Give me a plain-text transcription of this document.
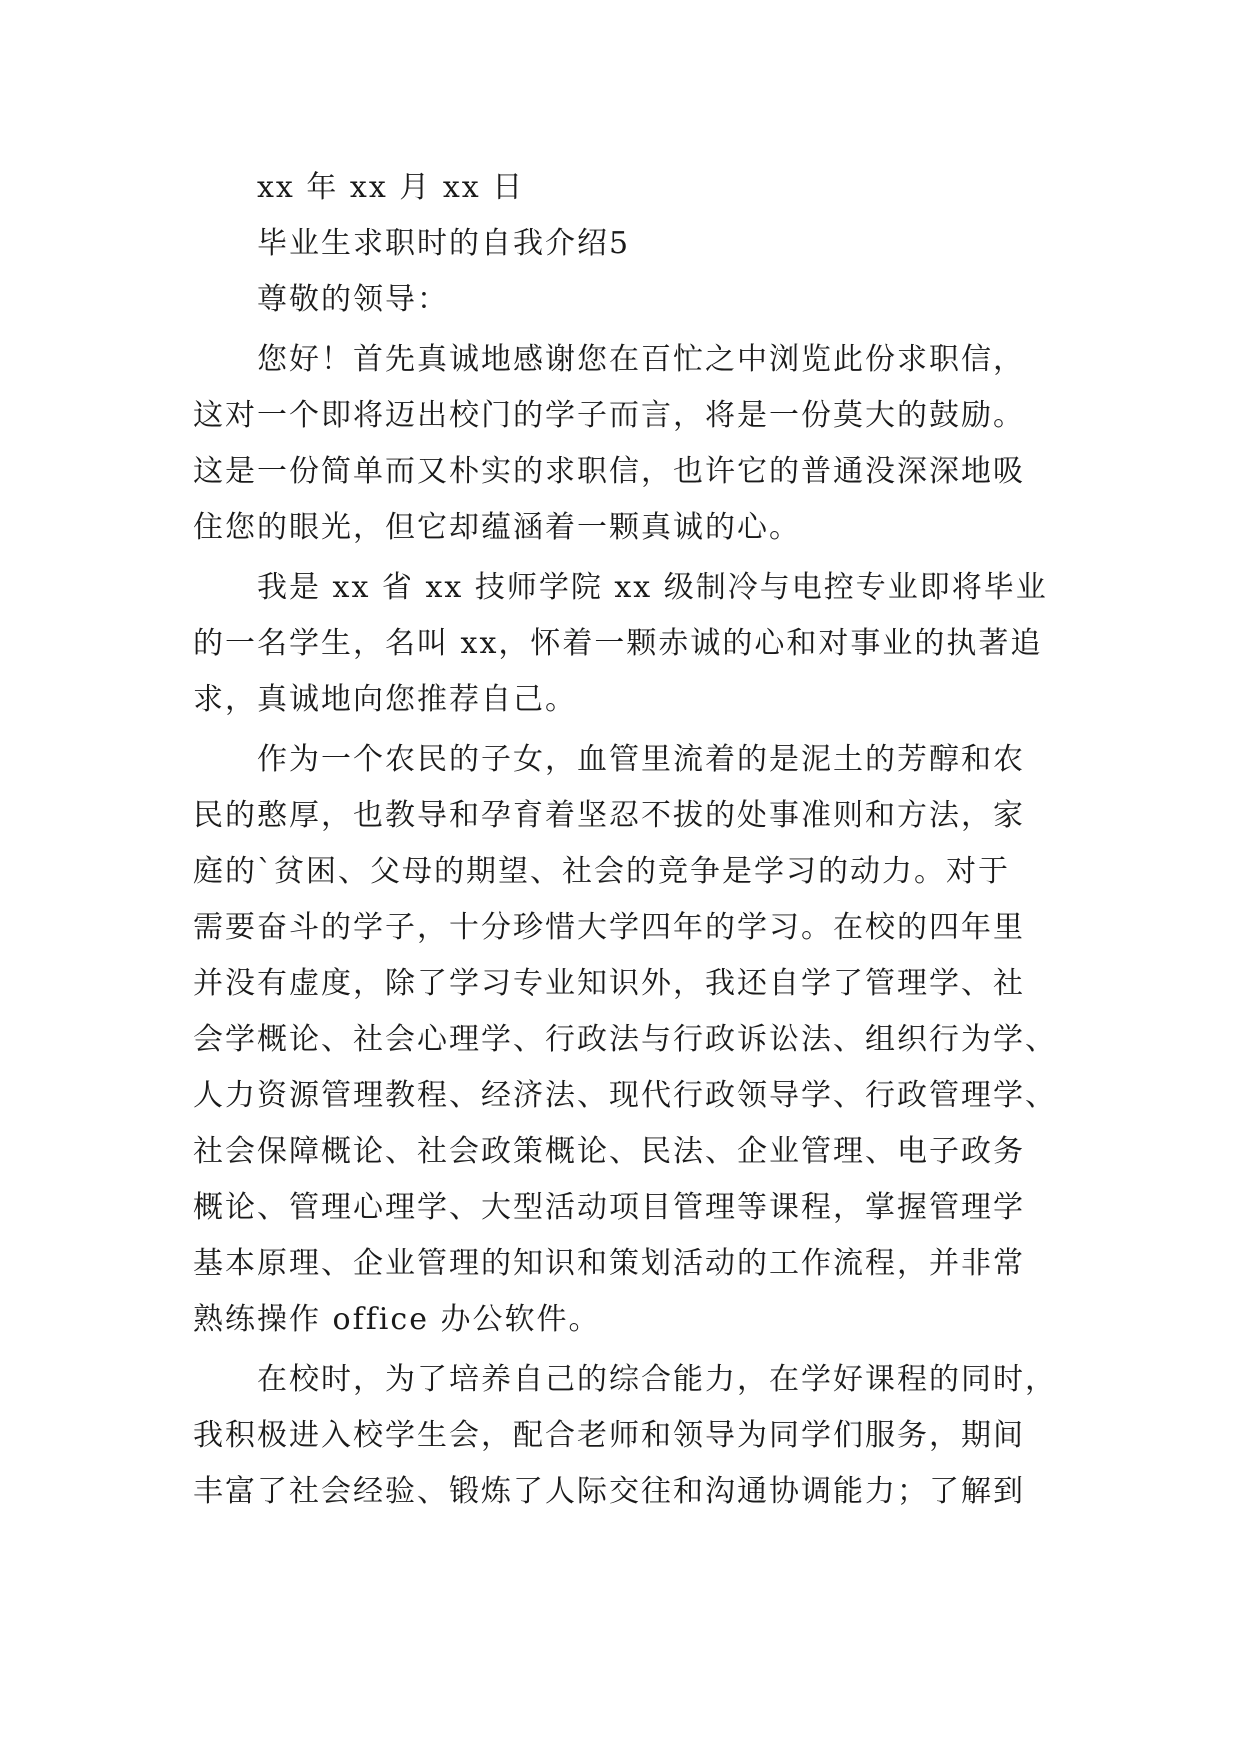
xx 年 xx 月 xx 日
毕业生求职时的自我介绍5
尊敬的领导：
您好！首先真诚地感谢您在百忙之中浏览此份求职信，
这对一个即将迈出校门的学子而言，将是一份莫大的鼓励。
这是一份简单而又朴实的求职信，也许它的普通没深深地吸
住您的眼光，但它却蕴涵着一颗真诚的心。
我是 xx 省 xx 技师学院 xx 级制冷与电控专业即将毕业
的一名学生，名叫 xx，怀着一颗赤诚的心和对事业的执著追
求，真诚地向您推荐自己。
作为一个农民的子女，血管里流着的是泥土的芳醇和农
民的憨厚，也教导和孕育着坚忍不拔的处事准则和方法，家
庭的`贫困、父母的期望、社会的竞争是学习的动力。对于
需要奋斗的学子，十分珍惜大学四年的学习。在校的四年里
并没有虚度，除了学习专业知识外，我还自学了管理学、社
会学概论、社会心理学、行政法与行政诉讼法、组织行为学、
人力资源管理教程、经济法、现代行政领导学、行政管理学、
社会保障概论、社会政策概论、民法、企业管理、电子政务
概论、管理心理学、大型活动项目管理等课程，掌握管理学
基本原理、企业管理的知识和策划活动的工作流程，并非常
熟练操作 office 办公软件。
在校时，为了培养自己的综合能力，在学好课程的同时，
我积极进入校学生会，配合老师和领导为同学们服务，期间
丰富了社会经验、锻炼了人际交往和沟通协调能力；了解到
